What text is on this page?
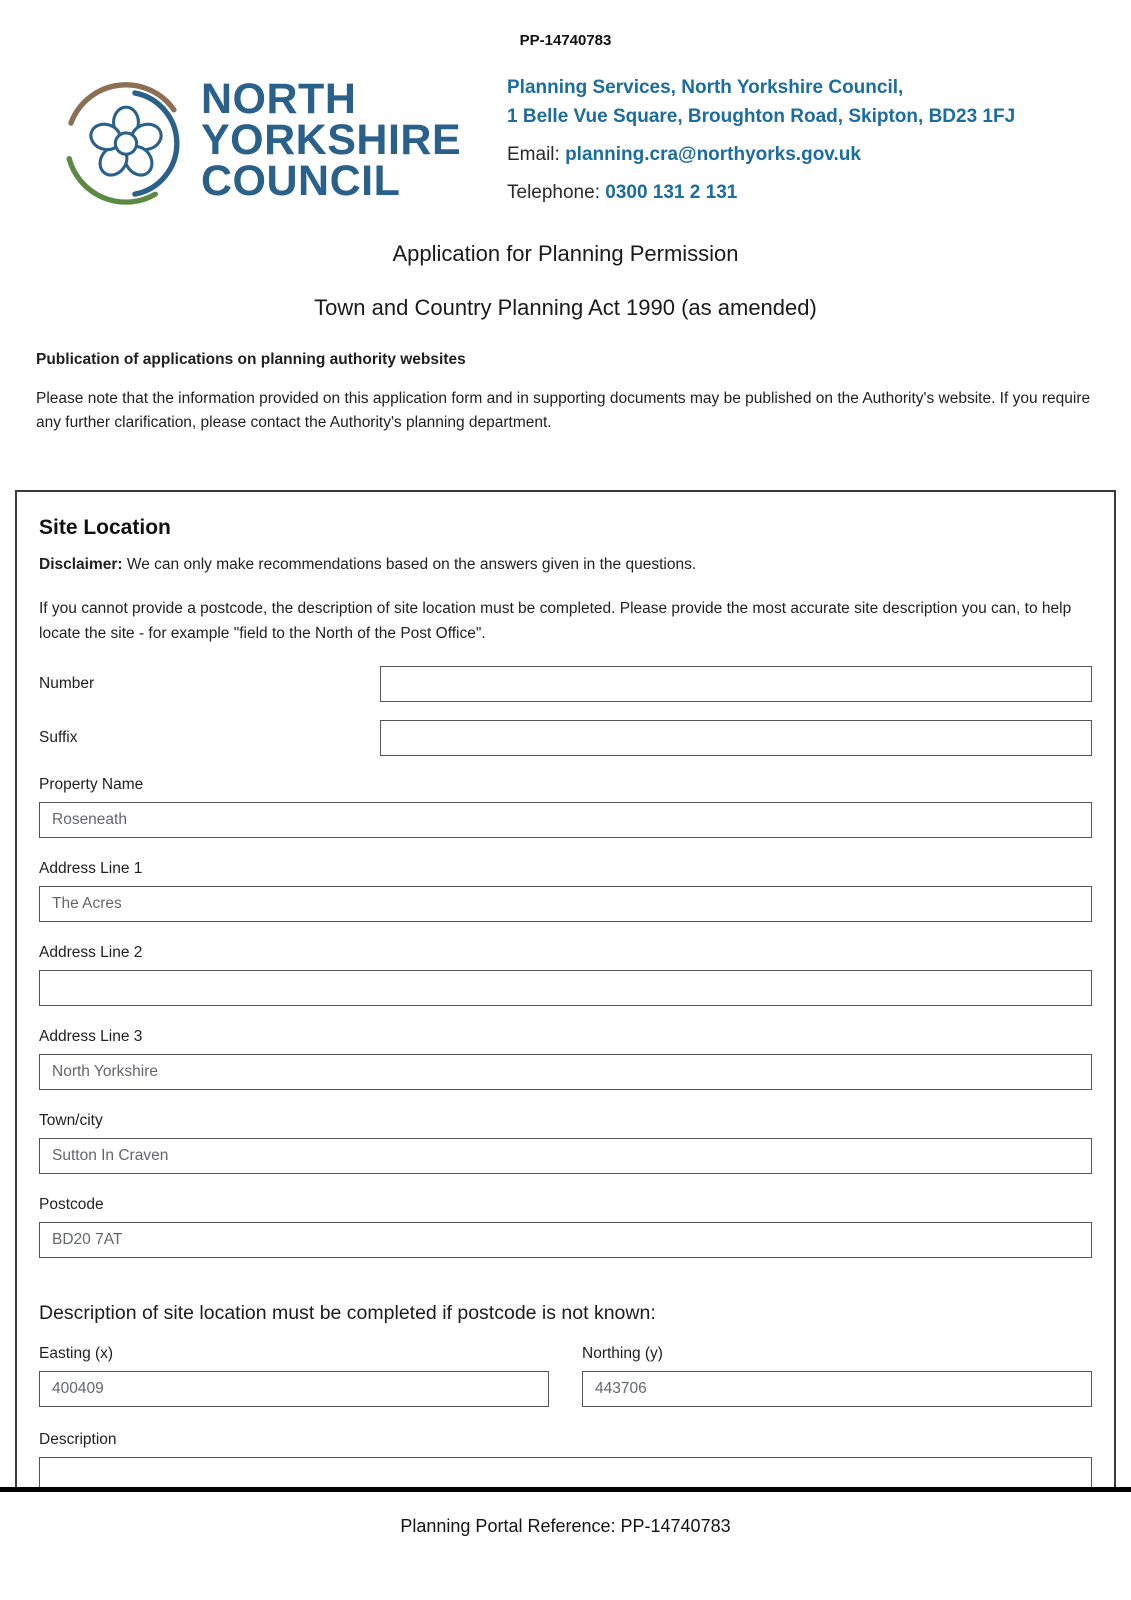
PP-14740783
NORTH
YORKSHIRE
COUNCIL
Planning Services, North Yorkshire Council,
1 Belle Vue Square, Broughton Road, Skipton, BD23 1FJ
Email: planning.cra@northyorks.gov.uk
Telephone: 0300 131 2 131
Application for Planning Permission
Town and Country Planning Act 1990 (as amended)
Publication of applications on planning authority websites
Please note that the information provided on this application form and in supporting documents may be published on the Authority's website. If you require any further clarification, please contact the Authority's planning department.
Site Location
Disclaimer: We can only make recommendations based on the answers given in the questions.
If you cannot provide a postcode, the description of site location must be completed. Please provide the most accurate site description you can, to help locate the site - for example "field to the North of the Post Office".
Number
Suffix
Property Name
Roseneath
Address Line 1
The Acres
Address Line 2
Address Line 3
North Yorkshire
Town/city
Sutton In Craven
Postcode
BD20 7AT
Description of site location must be completed if postcode is not known:
Easting (x)
400409	Northing (y)
443706
Description
Planning Portal Reference: PP-14740783
